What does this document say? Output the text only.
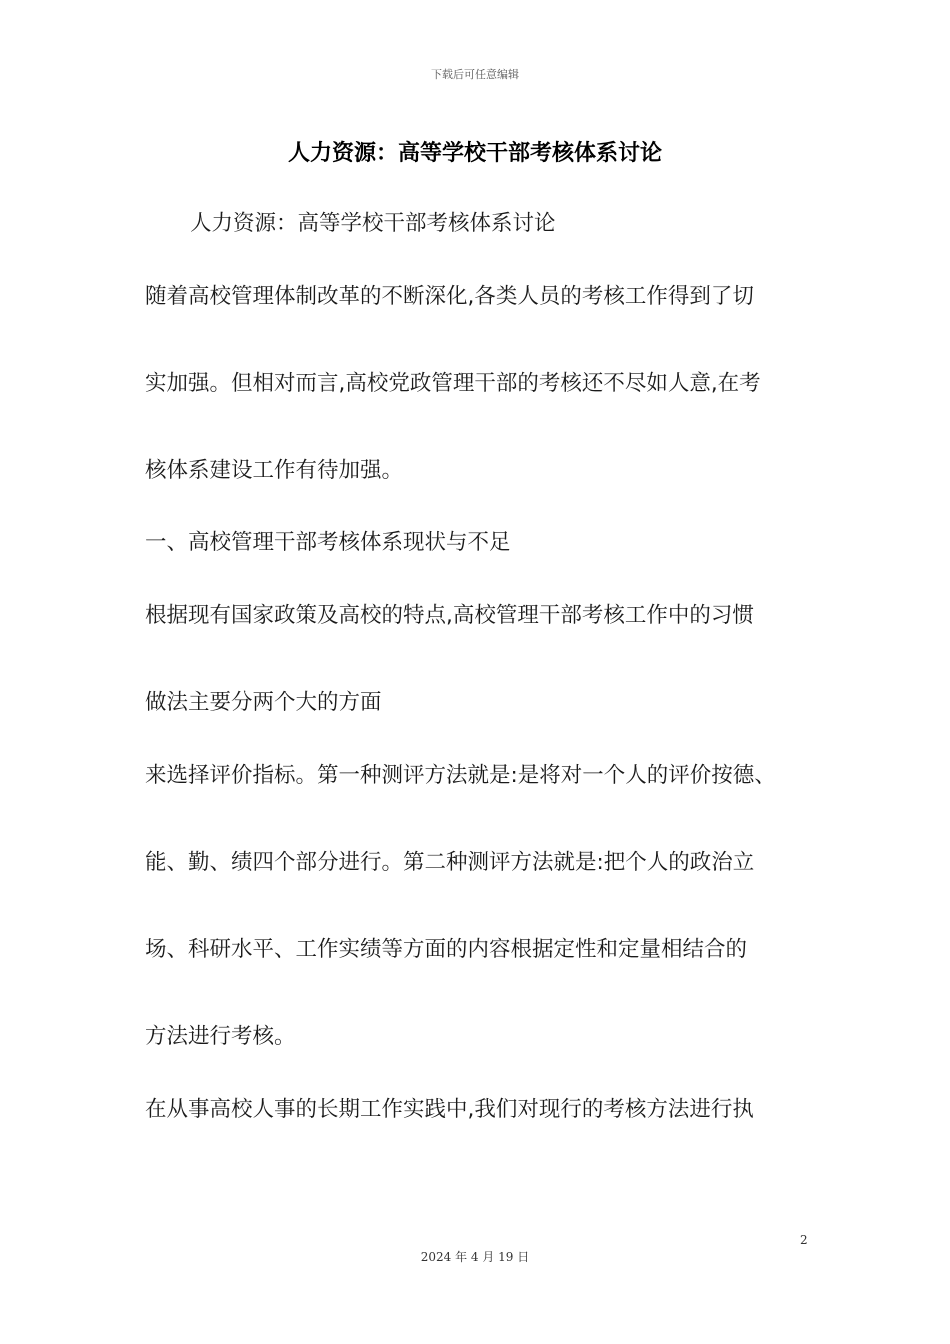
下载后可任意编辑
人力资源：高等学校干部考核体系讨论
人力资源：高等学校干部考核体系讨论
随着高校管理体制改革的不断深化,各类人员的考核工作得到了切
实加强。但相对而言,高校党政管理干部的考核还不尽如人意,在考
核体系建设工作有待加强。
一、高校管理干部考核体系现状与不足
根据现有国家政策及高校的特点,高校管理干部考核工作中的习惯
做法主要分两个大的方面
来选择评价指标。第一种测评方法就是:是将对一个人的评价按德、
能、勤、绩四个部分进行。第二种测评方法就是:把个人的政治立
场、科研水平、工作实绩等方面的内容根据定性和定量相结合的
方法进行考核。
在从事高校人事的长期工作实践中,我们对现行的考核方法进行执
2
2024 年 4 月 19 日
